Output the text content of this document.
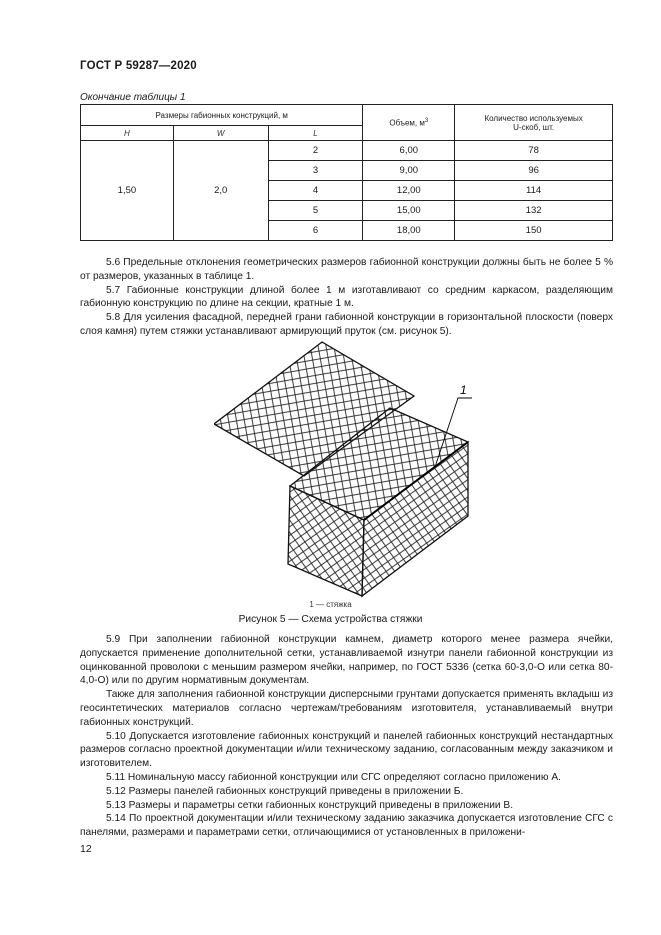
ГОСТ Р 59287—2020
Окончание таблицы 1
Размеры габионных конструкций, м			Объем, $м^3$	Количество используемых
U-скоб, шт.
H	W	L		
1,50	2,0	2	6,00	78
		3	9,00	96
		4	12,00	114
		5	15,00	132
		6	18,00	150

5.6 Предельные отклонения геометрических размеров габионной конструкции должны быть не более 5 % от размеров, указанных в таблице 1.

5.7 Габионные конструкции длиной более 1 м изготавливают со средним каркасом, разделяющим габионную конструкцию по длине на секции, кратные 1 м.

5.8 Для усиления фасадной, передней грани габионной конструкции в горизонтальной плоскости (поверх слоя камня) путем стяжки устанавливают армирующий пруток (см. рисунок 5).

1
1 — стяжка
Рисунок 5 — Схема устройства стяжки

5.9 При заполнении габионной конструкции камнем, диаметр которого менее размера ячейки, допускается применение дополнительной сетки, устанавливаемой изнутри панели габионной конструкции из оцинкованной проволоки с меньшим размером ячейки, например, по ГОСТ 5336 (сетка 60-3,0-О или сетка 80-4,0-О) или по другим нормативным документам.

Также для заполнения габионной конструкции дисперсными грунтами допускается применять вкладыш из геосинтетических материалов согласно чертежам/требованиям изготовителя, устанавливаемый внутри габионных конструкций.

5.10 Допускается изготовление габионных конструкций и панелей габионных конструкций нестандартных размеров согласно проектной документации и/или техническому заданию, согласованным между заказчиком и изготовителем.

5.11 Номинальную массу габионной конструкции или СГС определяют согласно приложению А.

5.12 Размеры панелей габионных конструкций приведены в приложении Б.

5.13 Размеры и параметры сетки габионных конструкций приведены в приложении В.

5.14 По проектной документации и/или техническому заданию заказчика допускается изготовление СГС с панелями, размерами и параметрами сетки, отличающимися от установленных в приложени-

12
